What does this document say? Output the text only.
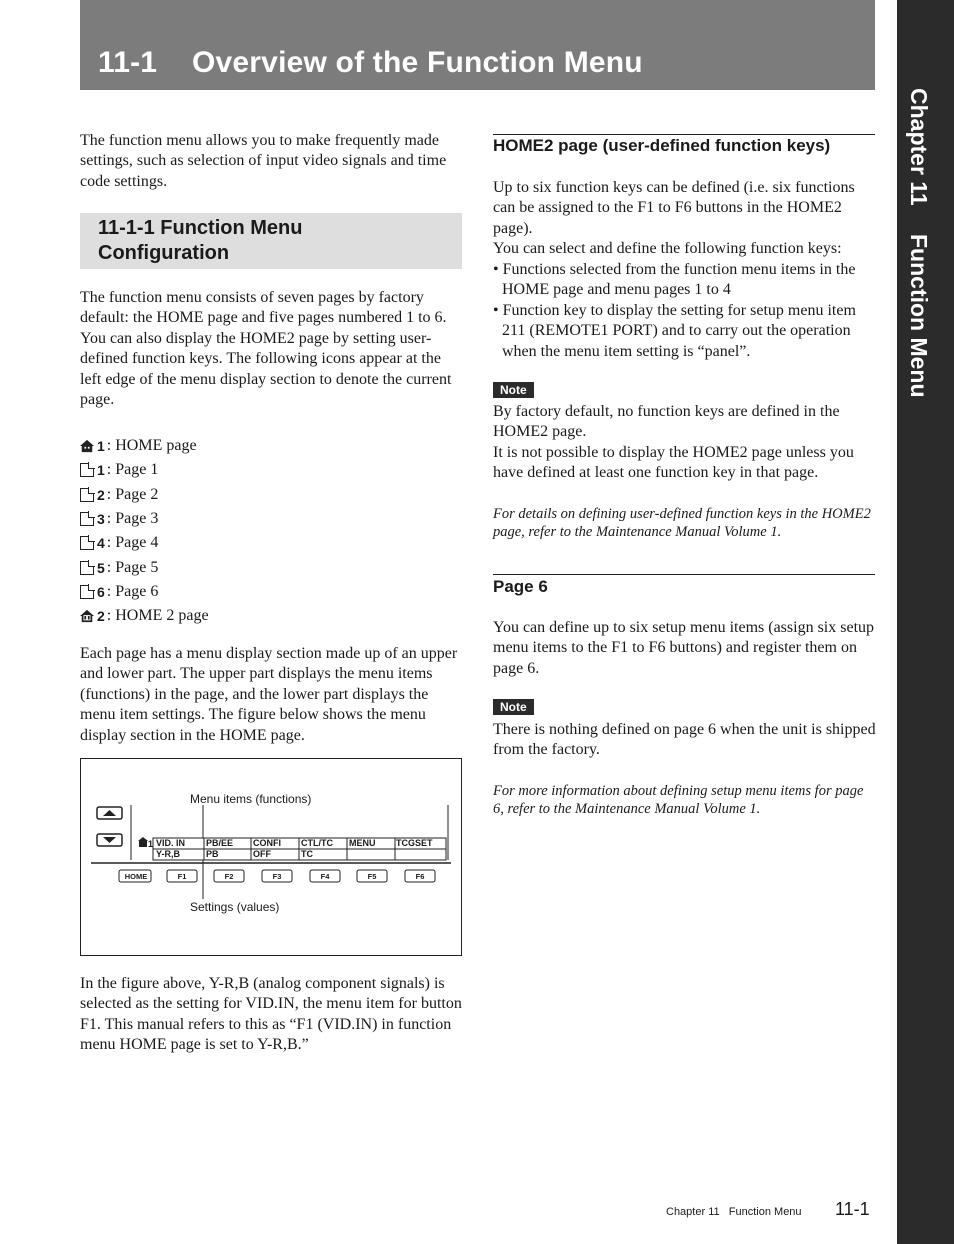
11-1 Overview of the Function Menu
Chapter 11 Function Menu

The function menu allows you to make frequently made settings, such as selection of input video signals and time code settings.

11-1-1 Function Menu
Configuration

The function menu consists of seven pages by factory default: the HOME page and five pages numbered 1 to 6. You can also display the HOME2 page by setting user-defined function keys. The following icons appear at the left edge of the menu display section to denote the current page.

1 : HOME page
1 : Page 1
2 : Page 2
3 : Page 3
4 : Page 4
5 : Page 5
6 : Page 6
2 : HOME 2 page

Each page has a menu display section made up of an upper and lower part. The upper part displays the menu items (functions) in the page, and the lower part displays the menu item settings. The figure below shows the menu display section in the HOME page.

Menu items (functions)
Settings (values)
1 VID. IN PB/EE CONFI CTL/TC MENU TCGSET
Y-R,B	PB	OFF	TC
HOME	F1	F2	F3	F4	F5	F6

In the figure above, Y-R,B (analog component signals) is selected as the setting for VID.IN, the menu item for button F1. This manual refers to this as “F1 (VID.IN) in function menu HOME page is set to Y-R,B.”

HOME2 page (user-defined function keys)

Up to six function keys can be defined (i.e. six functions can be assigned to the F1 to F6 buttons in the HOME2 page).

You can select and define the following function keys:

• Functions selected from the function menu items in the HOME page and menu pages 1 to 4
• Function key to display the setting for setup menu item 211 (REMOTE1 PORT) and to carry out the operation when the menu item setting is “panel”.
Note

By factory default, no function keys are defined in the HOME2 page.

It is not possible to display the HOME2 page unless you have defined at least one function key in that page.

For details on defining user-defined function keys in the HOME2 page, refer to the Maintenance Manual Volume 1.

Page 6

You can define up to six setup menu items (assign six setup menu items to the F1 to F6 buttons) and register them on page 6.

Note

There is nothing defined on page 6 when the unit is shipped from the factory.

For more information about defining setup menu items for page 6, refer to the Maintenance Manual Volume 1.

Chapter 11 Function Menu 11-1
